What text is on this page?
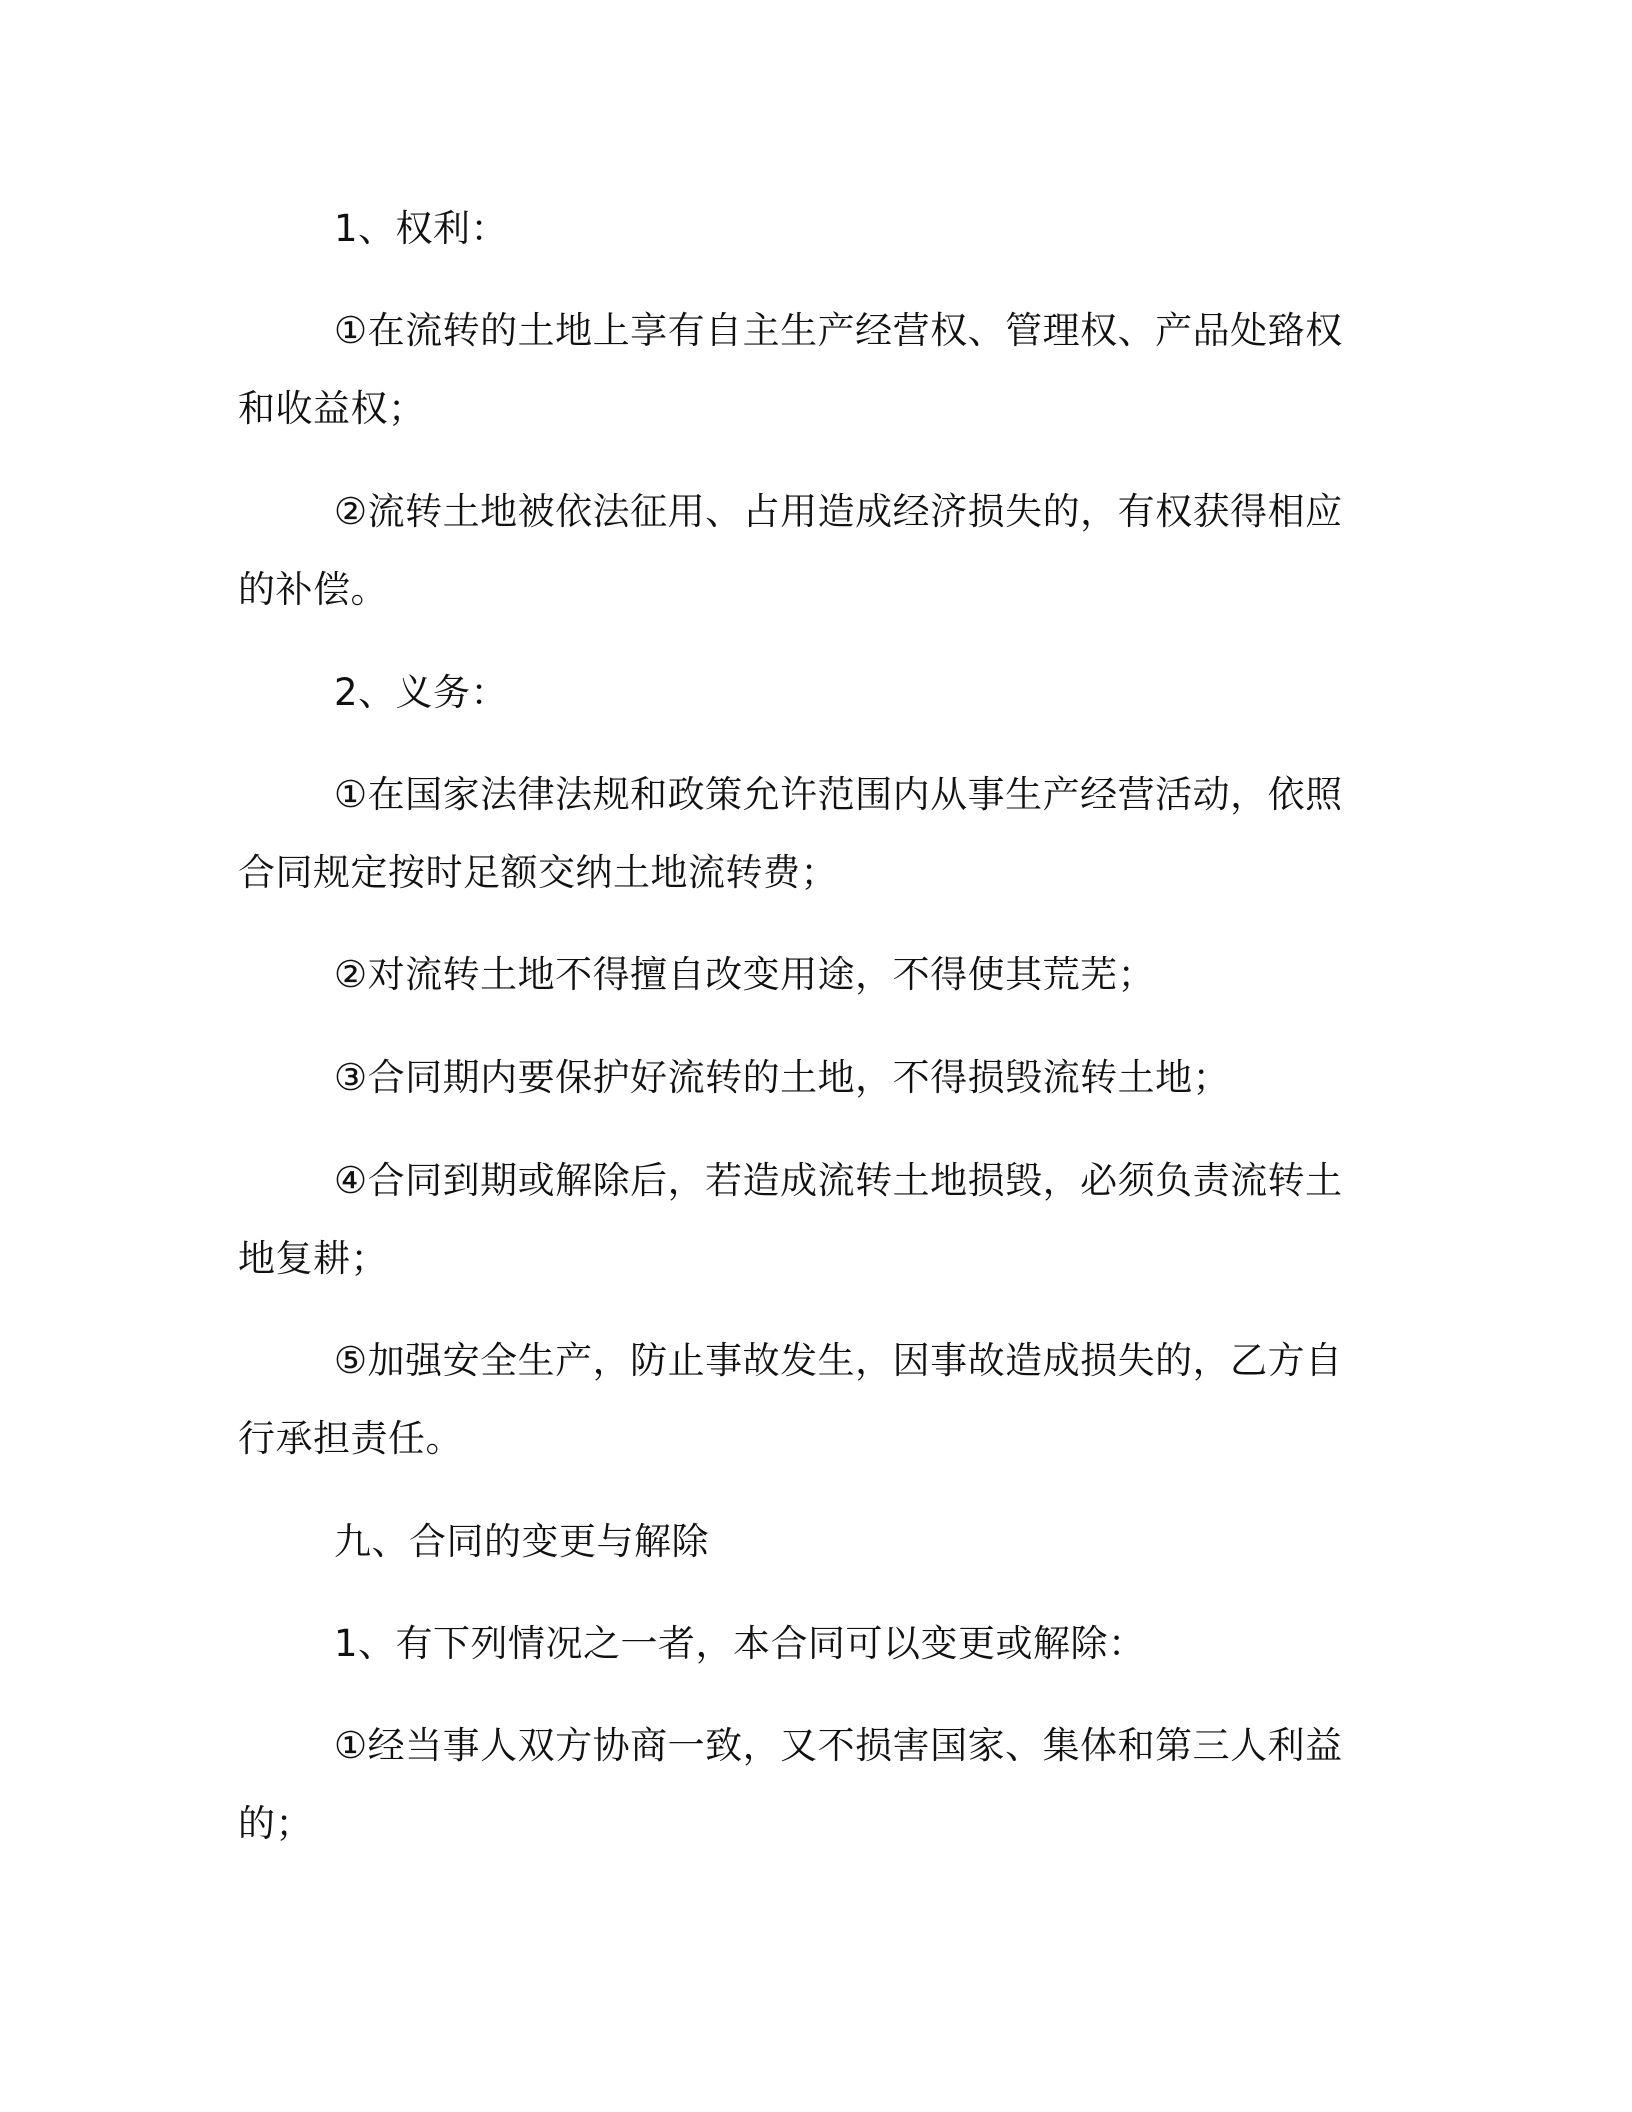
1、权利：

①在流转的土地上享有自主生产经营权、管理权、产品处臵权和收益权；

②流转土地被依法征用、占用造成经济损失的，有权获得相应的补偿。

2、义务：

①在国家法律法规和政策允许范围内从事生产经营活动，依照合同规定按时足额交纳土地流转费；

②对流转土地不得擅自改变用途，不得使其荒芜；

③合同期内要保护好流转的土地，不得损毁流转土地；

④合同到期或解除后，若造成流转土地损毁，必须负责流转土地复耕；

⑤加强安全生产，防止事故发生，因事故造成损失的，乙方自行承担责任。

九、合同的变更与解除

1、有下列情况之一者，本合同可以变更或解除：

①经当事人双方协商一致，又不损害国家、集体和第三人利益的；
